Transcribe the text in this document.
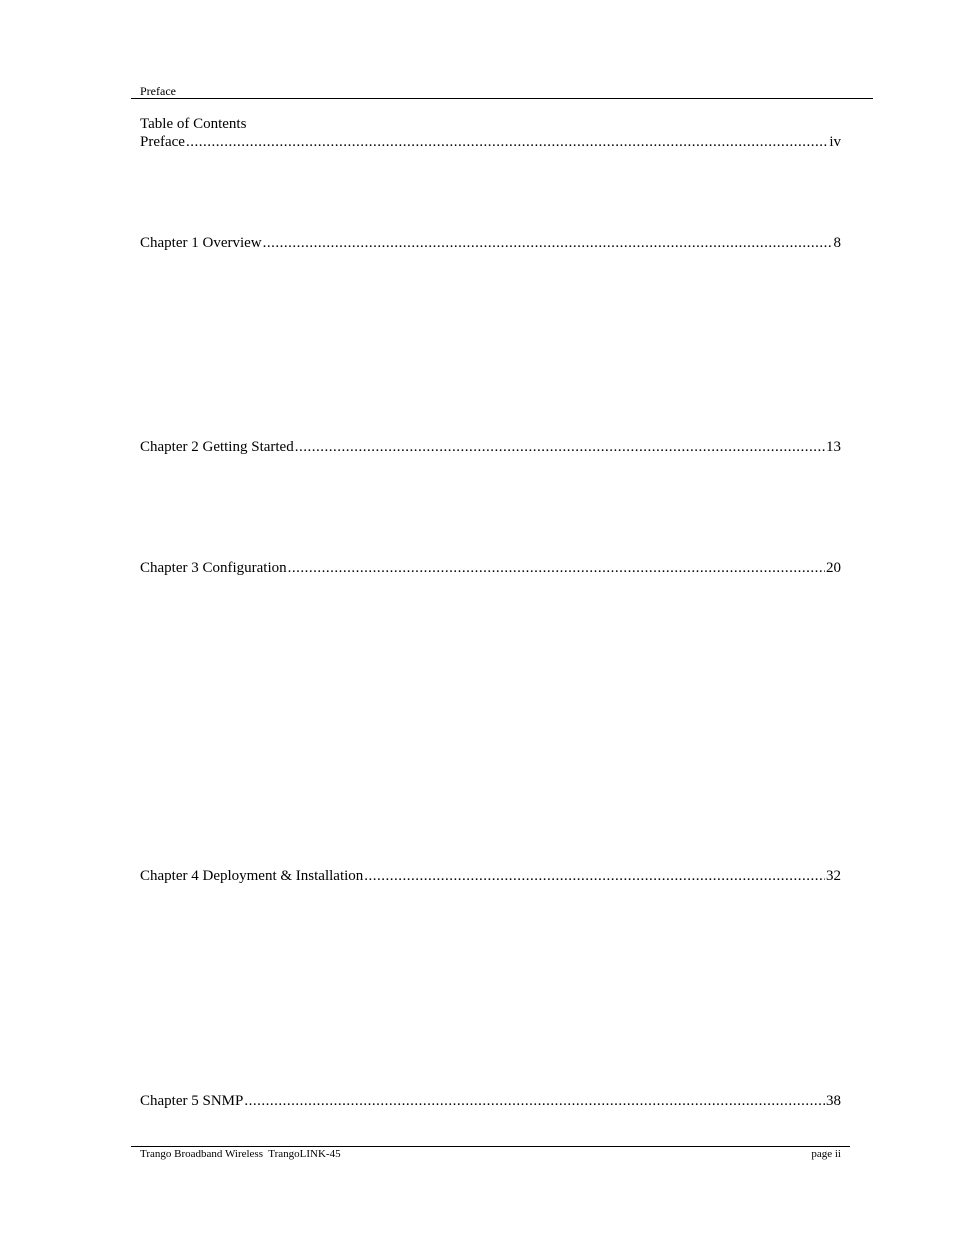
Preface
Table of Contents
Preface .....	iv
Chapter 1 Overview .....	8
Chapter 2 Getting Started .....	13
Chapter 3 Configuration .....	20
Chapter 4 Deployment & Installation .....	32
Chapter 5 SNMP .....	38
Trango Broadband Wireless  TrangoLINK-45	page ii
